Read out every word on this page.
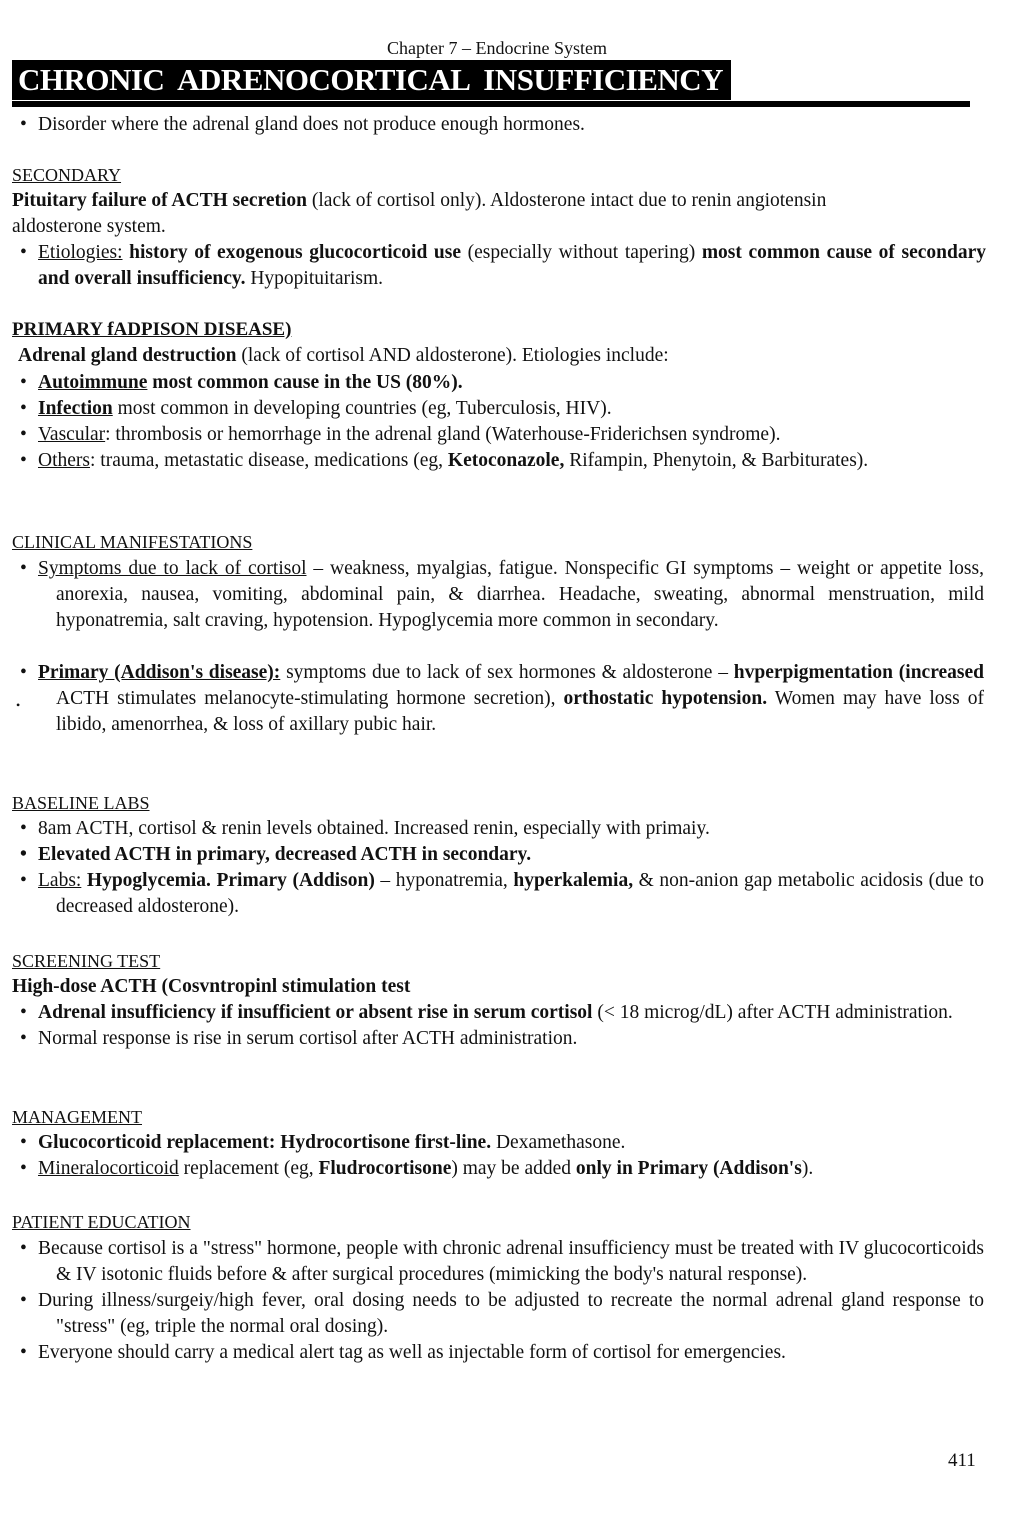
Chapter 7 – Endocrine System
CHRONIC  ADRENOCORTICAL  INSUFFICIENCY
• Disorder where the adrenal gland does not produce enough hormones.
SECONDARY
Pituitary failure of ACTH secretion (lack of cortisol only). Aldosterone intact due to renin angiotensin
aldosterone system.
• Etiologies: history of exogenous glucocorticoid use (especially without tapering) most common cause of secondary and overall insufficiency. Hypopituitarism.
PRIMARY fADPISON DISEASE)
Adrenal gland destruction (lack of cortisol AND aldosterone). Etiologies include:
• Autoimmune most common cause in the US (80%).
• Infection most common in developing countries (eg, Tuberculosis, HIV).
• Vascular: thrombosis or hemorrhage in the adrenal gland (Waterhouse-Friderichsen syndrome).
• Others: trauma, metastatic disease, medications (eg, Ketoconazole, Rifampin, Phenytoin, & Barbiturates).
CLINICAL MANIFESTATIONS
• Symptoms due to lack of cortisol – weakness, myalgias, fatigue. Nonspecific GI symptoms – weight or appetite loss, anorexia, nausea, vomiting, abdominal pain, & diarrhea. Headache, sweating, abnormal menstruation, mild hyponatremia, salt craving, hypotension. Hypoglycemia more common in secondary.
• Primary (Addison's disease): symptoms due to lack of sex hormones & aldosterone – hvperpigmentation (increased ACTH stimulates melanocyte-stimulating hormone secretion), orthostatic hypotension. Women may have loss of libido, amenorrhea, & loss of axillary pubic hair.
•
BASELINE LABS
• 8am ACTH, cortisol & renin levels obtained. Increased renin, especially with primaiy.
• Elevated ACTH in primary, decreased ACTH in secondary.
• Labs: Hypoglycemia. Primary (Addison) – hyponatremia, hyperkalemia, & non-anion gap metabolic acidosis (due to decreased aldosterone).
SCREENING TEST
High-dose ACTH (Cosvntropinl stimulation test
• Adrenal insufficiency if insufficient or absent rise in serum cortisol (< 18 microg/dL) after ACTH administration.
• Normal response is rise in serum cortisol after ACTH administration.
MANAGEMENT
• Glucocorticoid replacement: Hydrocortisone first-line. Dexamethasone.
• Mineralocorticoid replacement (eg, Fludrocortisone) may be added only in Primary (Addison's).
PATIENT EDUCATION
• Because cortisol is a "stress" hormone, people with chronic adrenal insufficiency must be treated with IV glucocorticoids & IV isotonic fluids before & after surgical procedures (mimicking the body's natural response).
• During illness/surgeiy/high fever, oral dosing needs to be adjusted to recreate the normal adrenal gland response to "stress" (eg, triple the normal oral dosing).
• Everyone should carry a medical alert tag as well as injectable form of cortisol for emergencies.
411
